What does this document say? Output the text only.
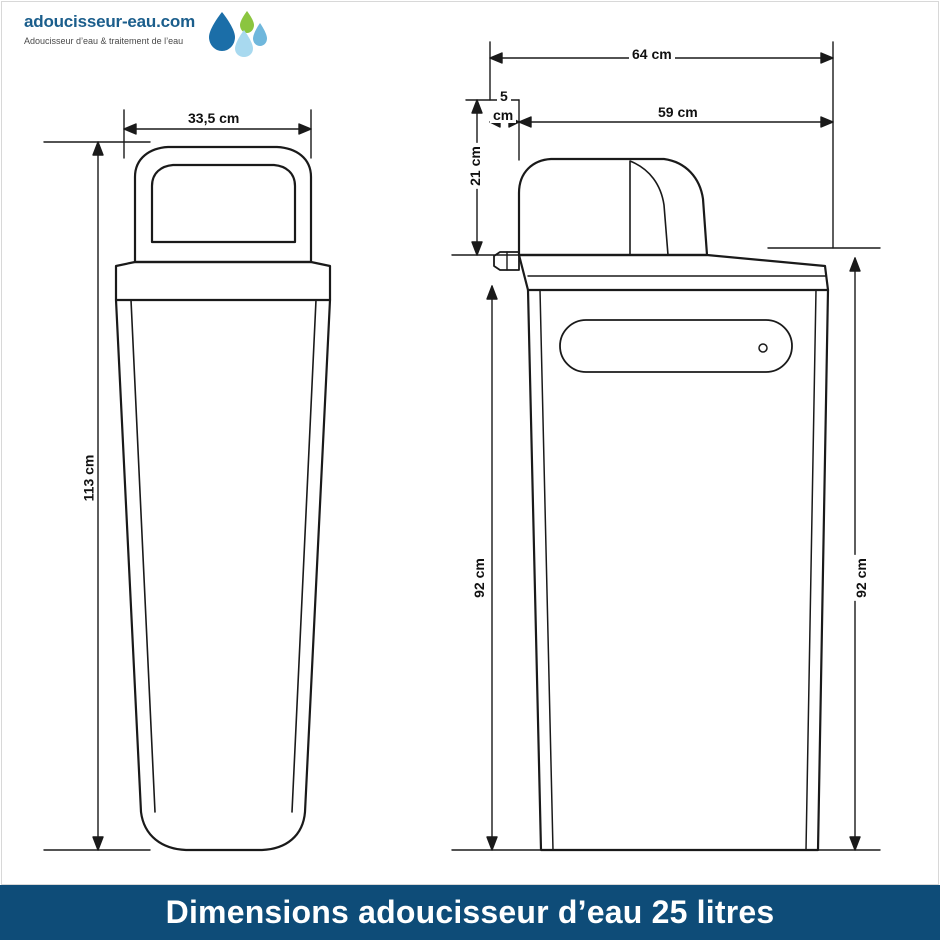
adoucisseur-eau.com
Adoucisseur d’eau & traitement de l’eau
33,5 cm
113 cm
64 cm
59 cm
5
cm
21 cm
92 cm	92 cm
Dimensions adoucisseur d’eau 25 litres
